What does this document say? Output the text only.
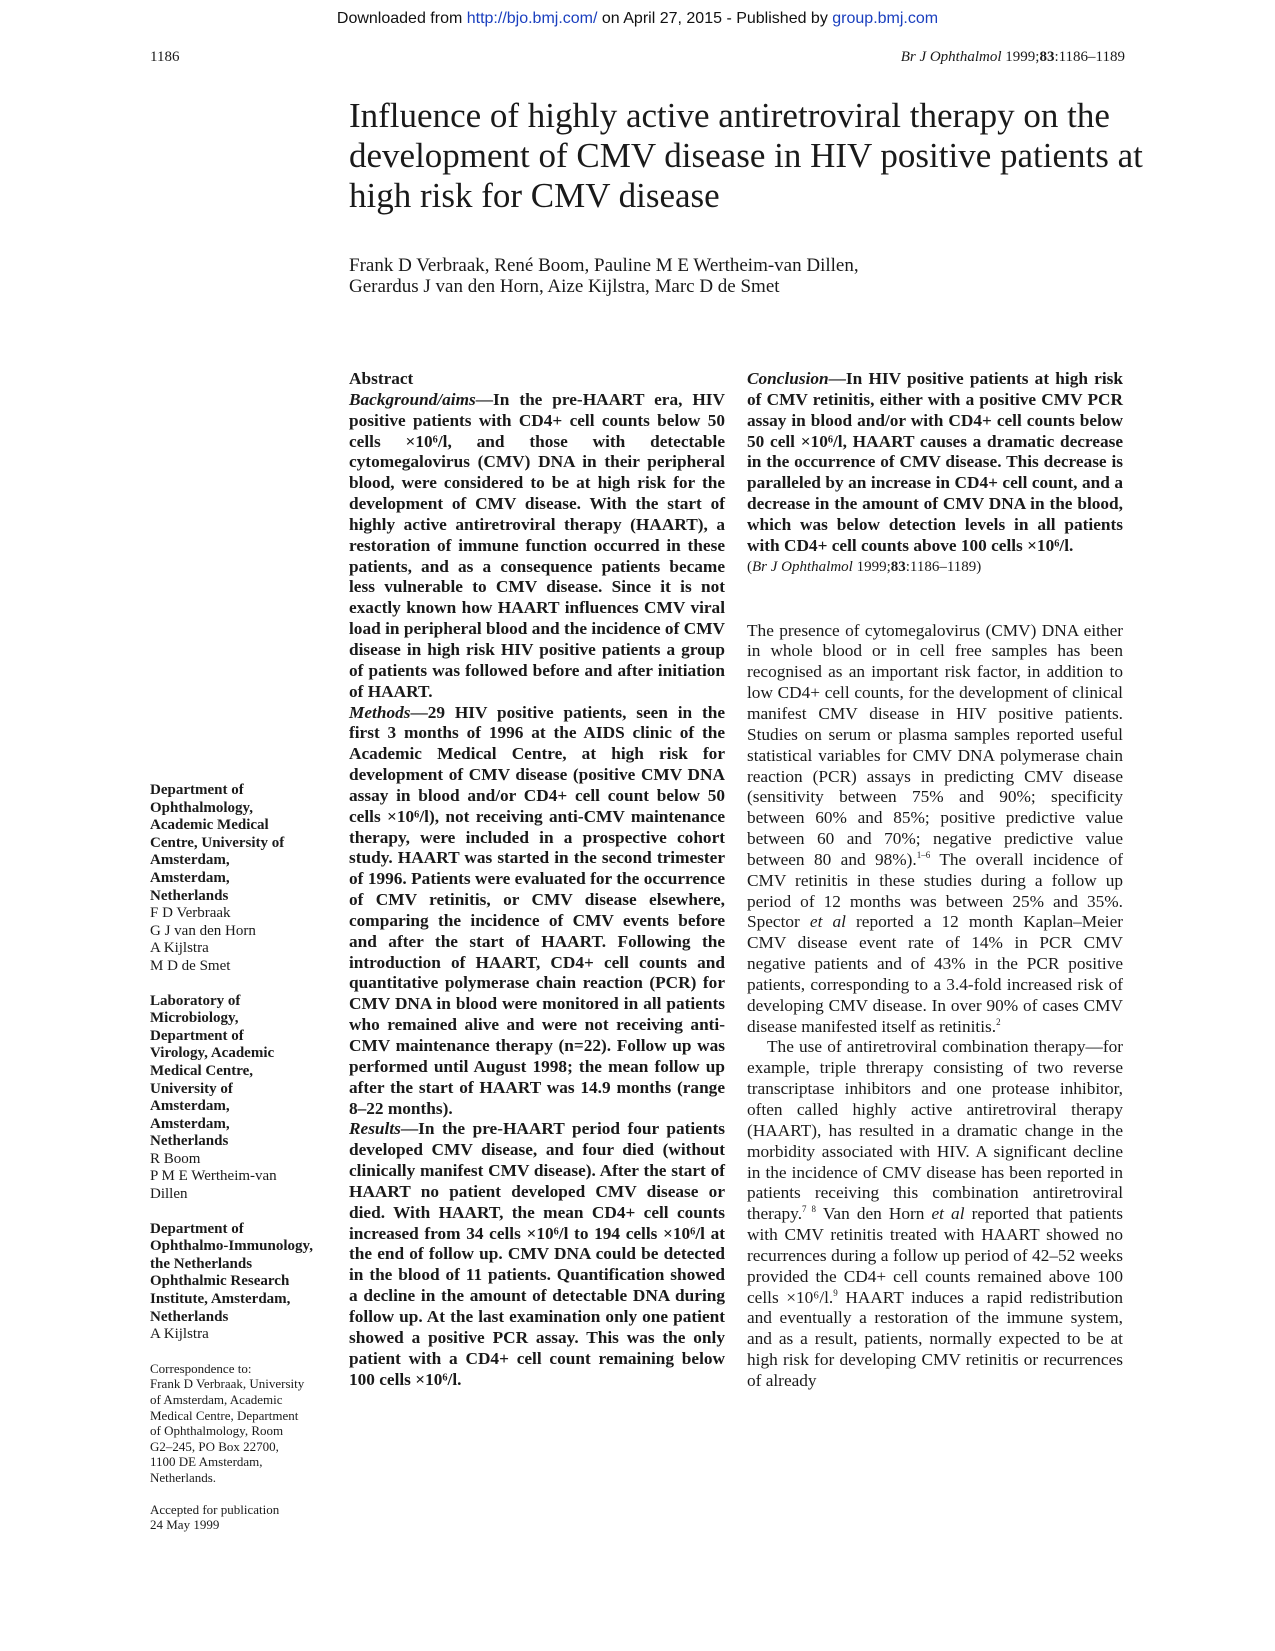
Downloaded from http://bjo.bmj.com/ on April 27, 2015 - Published by group.bmj.com
1186	Br J Ophthalmol 1999;83:1186–1189
Influence of highly active antiretroviral therapy on the development of CMV disease in HIV positive patients at high risk for CMV disease
Frank D Verbraak, René Boom, Pauline M E Wertheim-van Dillen,
Gerardus J van den Horn, Aize Kijlstra, Marc D de Smet
Department of
Ophthalmology,
Academic Medical
Centre, University of
Amsterdam,
Amsterdam,
Netherlands
F D Verbraak
G J van den Horn
A Kijlstra
M D de Smet
Laboratory of
Microbiology,
Department of
Virology, Academic
Medical Centre,
University of
Amsterdam,
Amsterdam,
Netherlands
R Boom
P M E Wertheim-van
Dillen
Department of
Ophthalmo-Immunology,
the Netherlands
Ophthalmic Research
Institute, Amsterdam,
Netherlands
A Kijlstra
Correspondence to:
Frank D Verbraak, University
of Amsterdam, Academic
Medical Centre, Department
of Ophthalmology, Room
G2–245, PO Box 22700,
1100 DE Amsterdam,
Netherlands.
Accepted for publication
24 May 1999
Abstract

Background/aims—In the pre-HAART era, HIV positive patients with CD4+ cell counts below 50 cells ×10⁶/l, and those with detectable cytomegalovirus (CMV) DNA in their peripheral blood, were considered to be at high risk for the development of CMV disease. With the start of highly active antiretroviral therapy (HAART), a restoration of immune function occurred in these patients, and as a consequence patients became less vulnerable to CMV disease. Since it is not exactly known how HAART influences CMV viral load in peripheral blood and the incidence of CMV disease in high risk HIV positive patients a group of patients was followed before and after initiation of HAART.

Methods—29 HIV positive patients, seen in the first 3 months of 1996 at the AIDS clinic of the Academic Medical Centre, at high risk for development of CMV disease (positive CMV DNA assay in blood and/or CD4+ cell count below 50 cells ×10⁶/l), not receiving anti-CMV maintenance therapy, were included in a prospective cohort study. HAART was started in the second trimester of 1996. Patients were evaluated for the occurrence of CMV retinitis, or CMV disease elsewhere, comparing the incidence of CMV events before and after the start of HAART. Following the introduction of HAART, CD4+ cell counts and quantitative polymerase chain reaction (PCR) for CMV DNA in blood were monitored in all patients who remained alive and were not receiving anti-CMV maintenance therapy (n=22). Follow up was performed until August 1998; the mean follow up after the start of HAART was 14.9 months (range 8–22 months).

Results—In the pre-HAART period four patients developed CMV disease, and four died (without clinically manifest CMV disease). After the start of HAART no patient developed CMV disease or died. With HAART, the mean CD4+ cell counts increased from 34 cells ×10⁶/l to 194 cells ×10⁶/l at the end of follow up. CMV DNA could be detected in the blood of 11 patients. Quantification showed a decline in the amount of detectable DNA during follow up. At the last examination only one patient showed a positive PCR assay. This was the only patient with a CD4+ cell count remaining below 100 cells ×10⁶/l.

Conclusion—In HIV positive patients at high risk of CMV retinitis, either with a positive CMV PCR assay in blood and/or with CD4+ cell counts below 50 cell ×10⁶/l, HAART causes a dramatic decrease in the occurrence of CMV disease. This decrease is paralleled by an increase in CD4+ cell count, and a decrease in the amount of CMV DNA in the blood, which was below detection levels in all patients with CD4+ cell counts above 100 cells ×10⁶/l.

(Br J Ophthalmol 1999;83:1186–1189)

The presence of cytomegalovirus (CMV) DNA either in whole blood or in cell free samples has been recognised as an important risk factor, in addition to low CD4+ cell counts, for the development of clinical manifest CMV disease in HIV positive patients. Studies on serum or plasma samples reported useful statistical variables for CMV DNA polymerase chain reaction (PCR) assays in predicting CMV disease (sensitivity between 75% and 90%; specificity between 60% and 85%; positive predictive value between 60 and 70%; negative predictive value between 80 and 98%).$^{1-6}$ The overall incidence of CMV retinitis in these studies during a follow up period of 12 months was between 25% and 35%. Spector et al reported a 12 month Kaplan–Meier CMV disease event rate of 14% in PCR CMV negative patients and of 43% in the PCR positive patients, corresponding to a 3.4-fold increased risk of developing CMV disease. In over 90% of cases CMV disease manifested itself as retinitis.$^2$

The use of antiretroviral combination therapy—for example, triple threrapy consisting of two reverse transcriptase inhibitors and one protease inhibitor, often called highly active antiretroviral therapy (HAART), has resulted in a dramatic change in the morbidity associated with HIV. A significant decline in the incidence of CMV disease has been reported in patients receiving this combination antiretroviral therapy.$^{7 8}$ Van den Horn et al reported that patients with CMV retinitis treated with HAART showed no recurrences during a follow up period of 42–52 weeks provided the CD4+ cell counts remained above 100 cells ×10⁶/l.$^9$ HAART induces a rapid redistribution and eventually a restoration of the immune system, and as a result, patients, normally expected to be at high risk for developing CMV retinitis or recurrences of already
